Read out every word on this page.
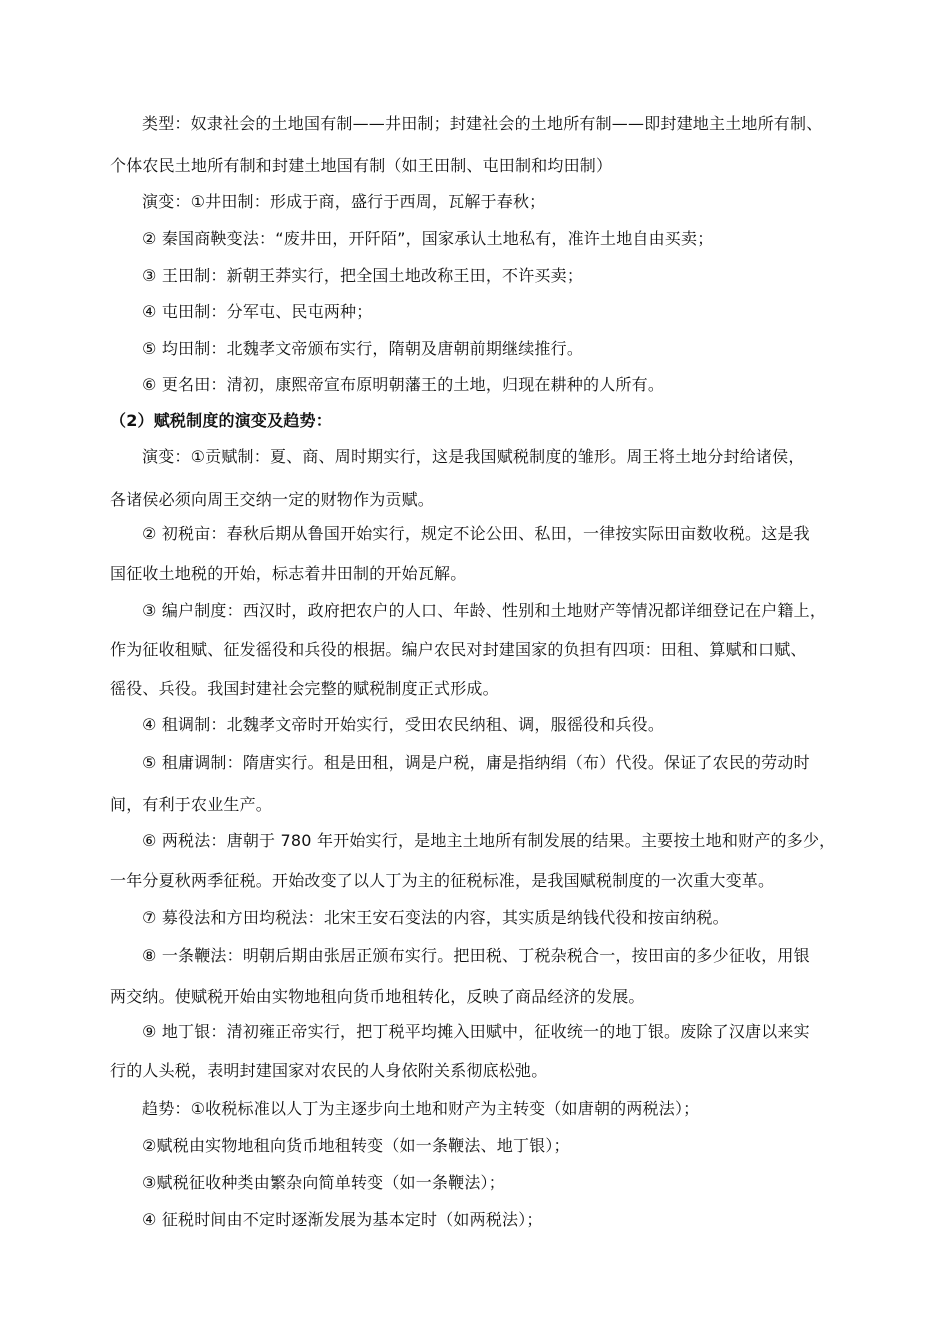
类型：奴隶社会的土地国有制——井田制；封建社会的土地所有制——即封建地主土地所有制、
个体农民土地所有制和封建土地国有制（如王田制、屯田制和均田制）
演变：①井田制：形成于商，盛行于西周，瓦解于春秋；
② 秦国商鞅变法：“废井田，开阡陌”，国家承认土地私有，准许土地自由买卖；
③ 王田制：新朝王莽实行，把全国土地改称王田，不许买卖；
④ 屯田制：分军屯、民屯两种；
⑤ 均田制：北魏孝文帝颁布实行，隋朝及唐朝前期继续推行。
⑥ 更名田：清初，康熙帝宣布原明朝藩王的土地，归现在耕种的人所有。
（2）赋税制度的演变及趋势：
演变：①贡赋制：夏、商、周时期实行，这是我国赋税制度的雏形。周王将土地分封给诸侯，
各诸侯必须向周王交纳一定的财物作为贡赋。
② 初税亩：春秋后期从鲁国开始实行，规定不论公田、私田，一律按实际田亩数收税。这是我
国征收土地税的开始，标志着井田制的开始瓦解。
③ 编户制度：西汉时，政府把农户的人口、年龄、性别和土地财产等情况都详细登记在户籍上，
作为征收租赋、征发徭役和兵役的根据。编户农民对封建国家的负担有四项：田租、算赋和口赋、
徭役、兵役。我国封建社会完整的赋税制度正式形成。
④ 租调制：北魏孝文帝时开始实行，受田农民纳租、调，服徭役和兵役。
⑤ 租庸调制：隋唐实行。租是田租，调是户税，庸是指纳绢（布）代役。保证了农民的劳动时
间，有利于农业生产。
⑥ 两税法：唐朝于 780 年开始实行，是地主土地所有制发展的结果。主要按土地和财产的多少，
一年分夏秋两季征税。开始改变了以人丁为主的征税标准，是我国赋税制度的一次重大变革。
⑦ 募役法和方田均税法：北宋王安石变法的内容，其实质是纳钱代役和按亩纳税。
⑧ 一条鞭法：明朝后期由张居正颁布实行。把田税、丁税杂税合一，按田亩的多少征收，用银
两交纳。使赋税开始由实物地租向货币地租转化，反映了商品经济的发展。
⑨ 地丁银：清初雍正帝实行，把丁税平均摊入田赋中，征收统一的地丁银。废除了汉唐以来实
行的人头税，表明封建国家对农民的人身依附关系彻底松弛。
趋势：①收税标准以人丁为主逐步向土地和财产为主转变（如唐朝的两税法）；
②赋税由实物地租向货币地租转变（如一条鞭法、地丁银）；
③赋税征收种类由繁杂向简单转变（如一条鞭法）；
④ 征税时间由不定时逐渐发展为基本定时（如两税法）；
